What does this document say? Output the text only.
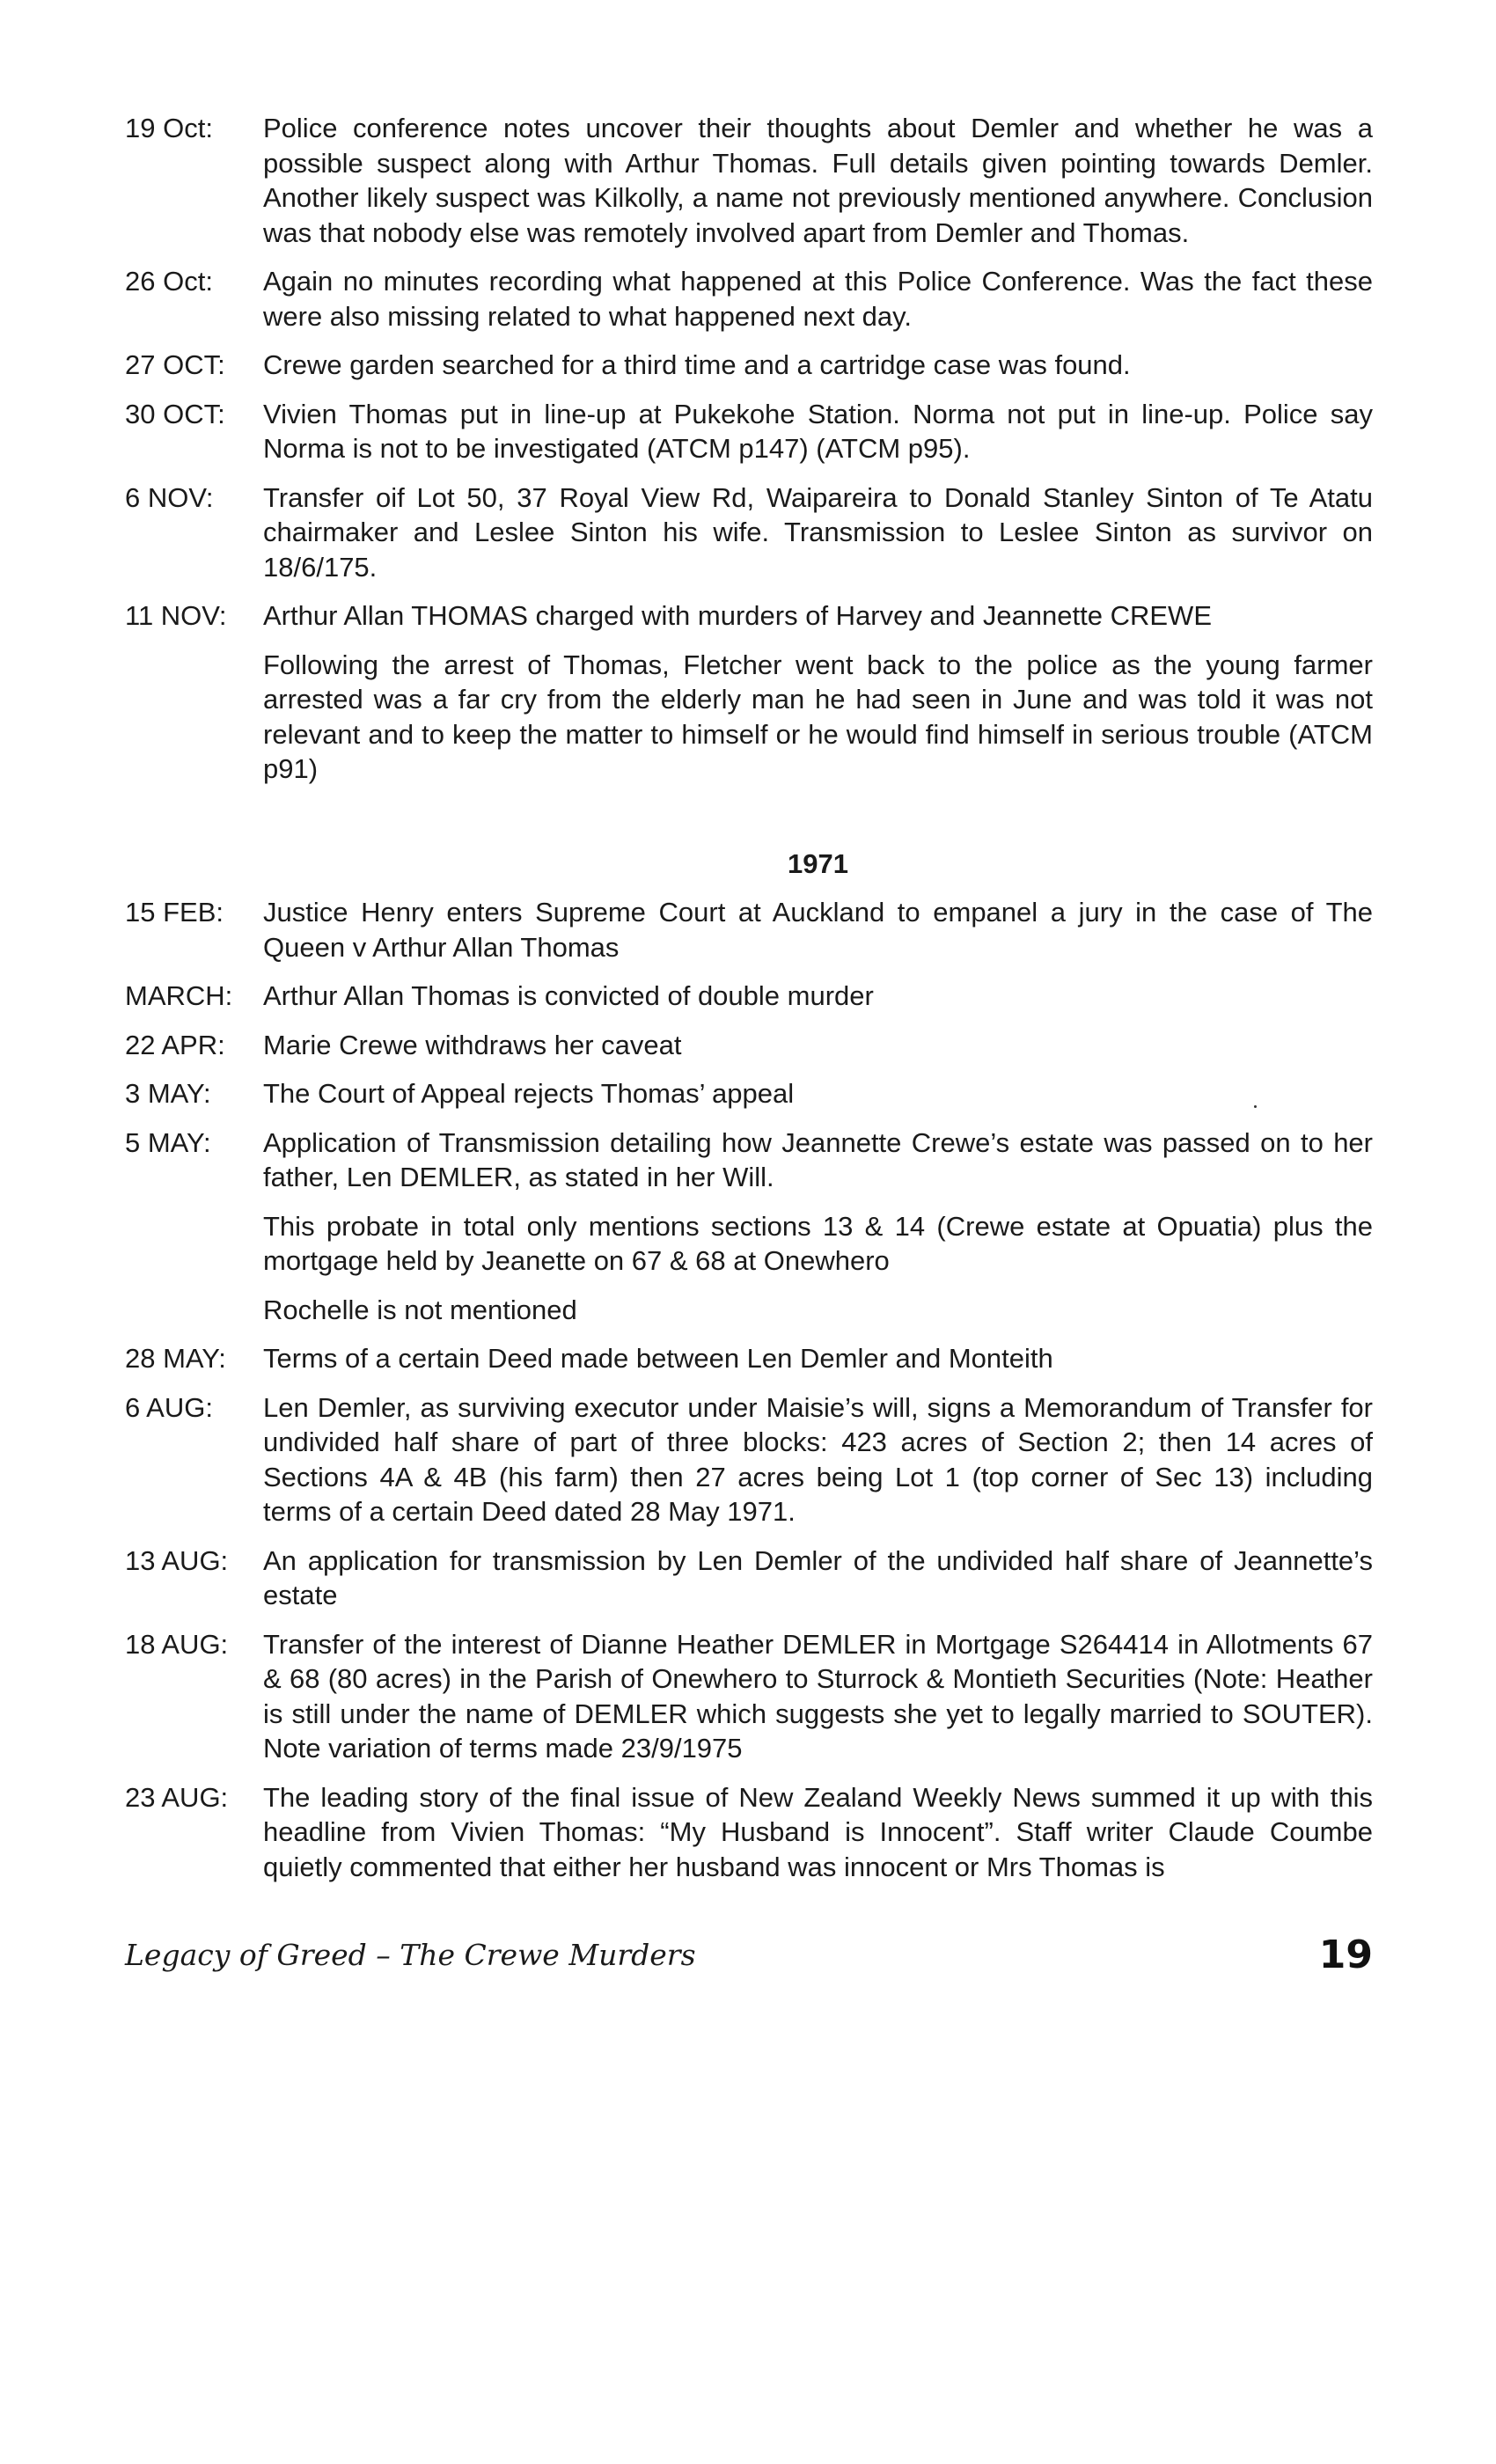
19 Oct:	Police conference notes uncover their thoughts about Demler and whether he was a possible suspect along with Arthur Thomas. Full details given pointing towards Demler. Another likely suspect was Kilkolly, a name not previously mentioned anywhere. Conclusion was that nobody else was remotely involved apart from Demler and Thomas.

26 Oct:	Again no minutes recording what happened at this Police Conference. Was the fact these were also missing related to what happened next day.

27 OCT:	Crewe garden searched for a third time and a cartridge case was found.

30 OCT:	Vivien Thomas put in line-up at Pukekohe Station. Norma not put in line-up. Police say Norma is not to be investigated (ATCM p147) (ATCM p95).

6 NOV:	Transfer oif Lot 50, 37 Royal View Rd, Waipareira to Donald Stanley Sinton of Te Atatu chairmaker and Leslee Sinton his wife. Transmission to Leslee Sinton as survivor on 18/6/175.

11 NOV:	Arthur Allan THOMAS charged with murders of Harvey and Jeannette CREWE

Following the arrest of Thomas, Fletcher went back to the police as the young farmer arrested was a far cry from the elderly man he had seen in June and was told it was not relevant and to keep the matter to himself or he would find himself in serious trouble (ATCM p91)

1971
15 FEB:	Justice Henry enters Supreme Court at Auckland to empanel a jury in the case of The Queen v Arthur Allan Thomas

MARCH:	Arthur Allan Thomas is convicted of double murder

22 APR:	Marie Crewe withdraws her caveat

3 MAY:	The Court of Appeal rejects Thomas’ appeal

5 MAY:	Application of Transmission detailing how Jeannette Crewe’s estate was passed on to her father, Len DEMLER, as stated in her Will.

This probate in total only mentions sections 13 & 14 (Crewe estate at Opuatia) plus the mortgage held by Jeanette on 67 & 68 at Onewhero

Rochelle is not mentioned

28 MAY:	Terms of a certain Deed made between Len Demler and Monteith

6 AUG:	Len Demler, as surviving executor under Maisie’s will, signs a Memorandum of Transfer for undivided half share of part of three blocks: 423 acres of Section 2; then 14 acres of Sections 4A & 4B (his farm) then 27 acres being Lot 1 (top corner of Sec 13) including terms of a certain Deed dated 28 May 1971.

13 AUG:	An application for transmission by Len Demler of the undivided half share of Jeannette’s estate

18 AUG:	Transfer of the interest of Dianne Heather DEMLER in Mortgage S264414 in Allotments 67 & 68 (80 acres) in the Parish of Onewhero to Sturrock & Montieth Securities (Note: Heather is still under the name of DEMLER which suggests she yet to legally married to SOUTER). Note variation of terms made 23/9/1975

23 AUG:	The leading story of the final issue of New Zealand Weekly News summed it up with this headline from Vivien Thomas: “My Husband is Innocent”. Staff writer Claude Coumbe quietly commented that either her husband was innocent or Mrs Thomas is

Legacy of Greed – The Crewe Murders	19
